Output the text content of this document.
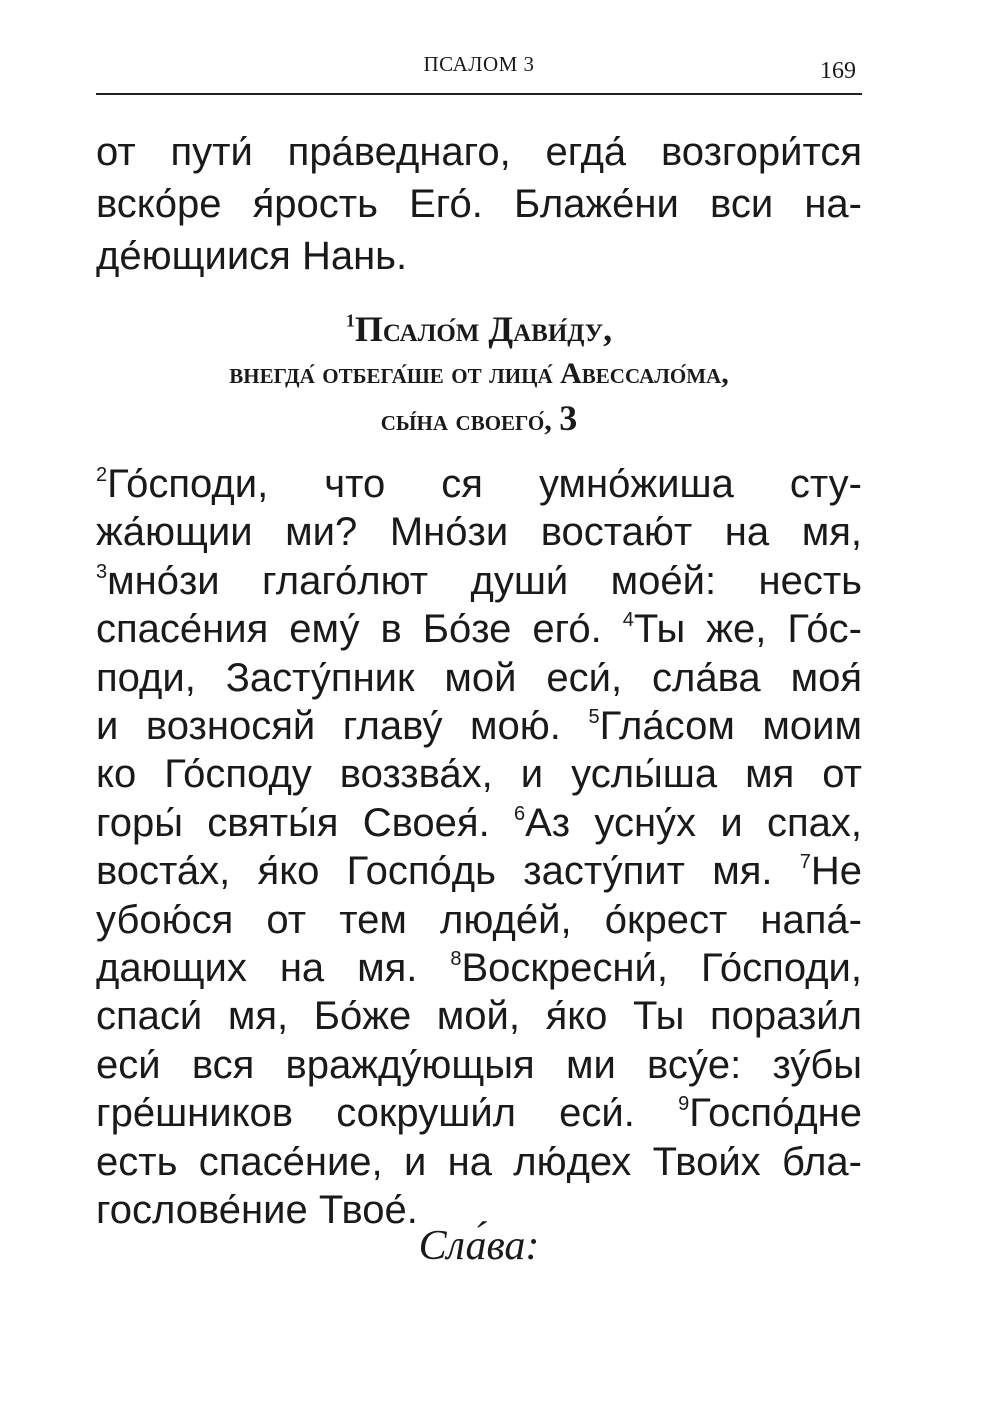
ПСАЛОМ 3	169
от пути́ пра́веднаго, егда́ возгори́тся
вско́ре я́рость Его́. Блаже́ни вси на-
де́ющиися Нань.
$^1$Псало́м Дави́ду,
внегда́ отбега́ше от лица́ Авессало́ма,
сы́на своего́, 3
$^2$Го́споди, что ся умно́жиша сту-
жа́ющии ми? Мно́зи востаю́т на мя,
$^3$мно́зи глаго́лют души́ мое́й: несть
спасе́ния ему́ в Бо́зе его́. $^4$Ты же, Го́с-
поди, Засту́пник мой еси́, сла́ва моя́
и возносяй главу́ мою́. $^5$Гла́сом моим
ко Го́споду воззва́х, и услы́ша мя от
горы́ святы́я Своея́. $^6$Аз усну́х и спах,
воста́х, я́ко Госпо́дь засту́пит мя. $^7$Не
убою́ся от тем люде́й, о́крест напа́-
дающих на мя. $^8$Воскресни́, Го́споди,
спаси́ мя, Бо́же мой, я́ко Ты порази́л
еси́ вся вражду́ющыя ми всу́е: зу́бы
гре́шников сокруши́л еси́. $^9$Госпо́дне
есть спасе́ние, и на лю́дех Твои́х бла-
гослове́ние Твое́.
Сла́ва:
